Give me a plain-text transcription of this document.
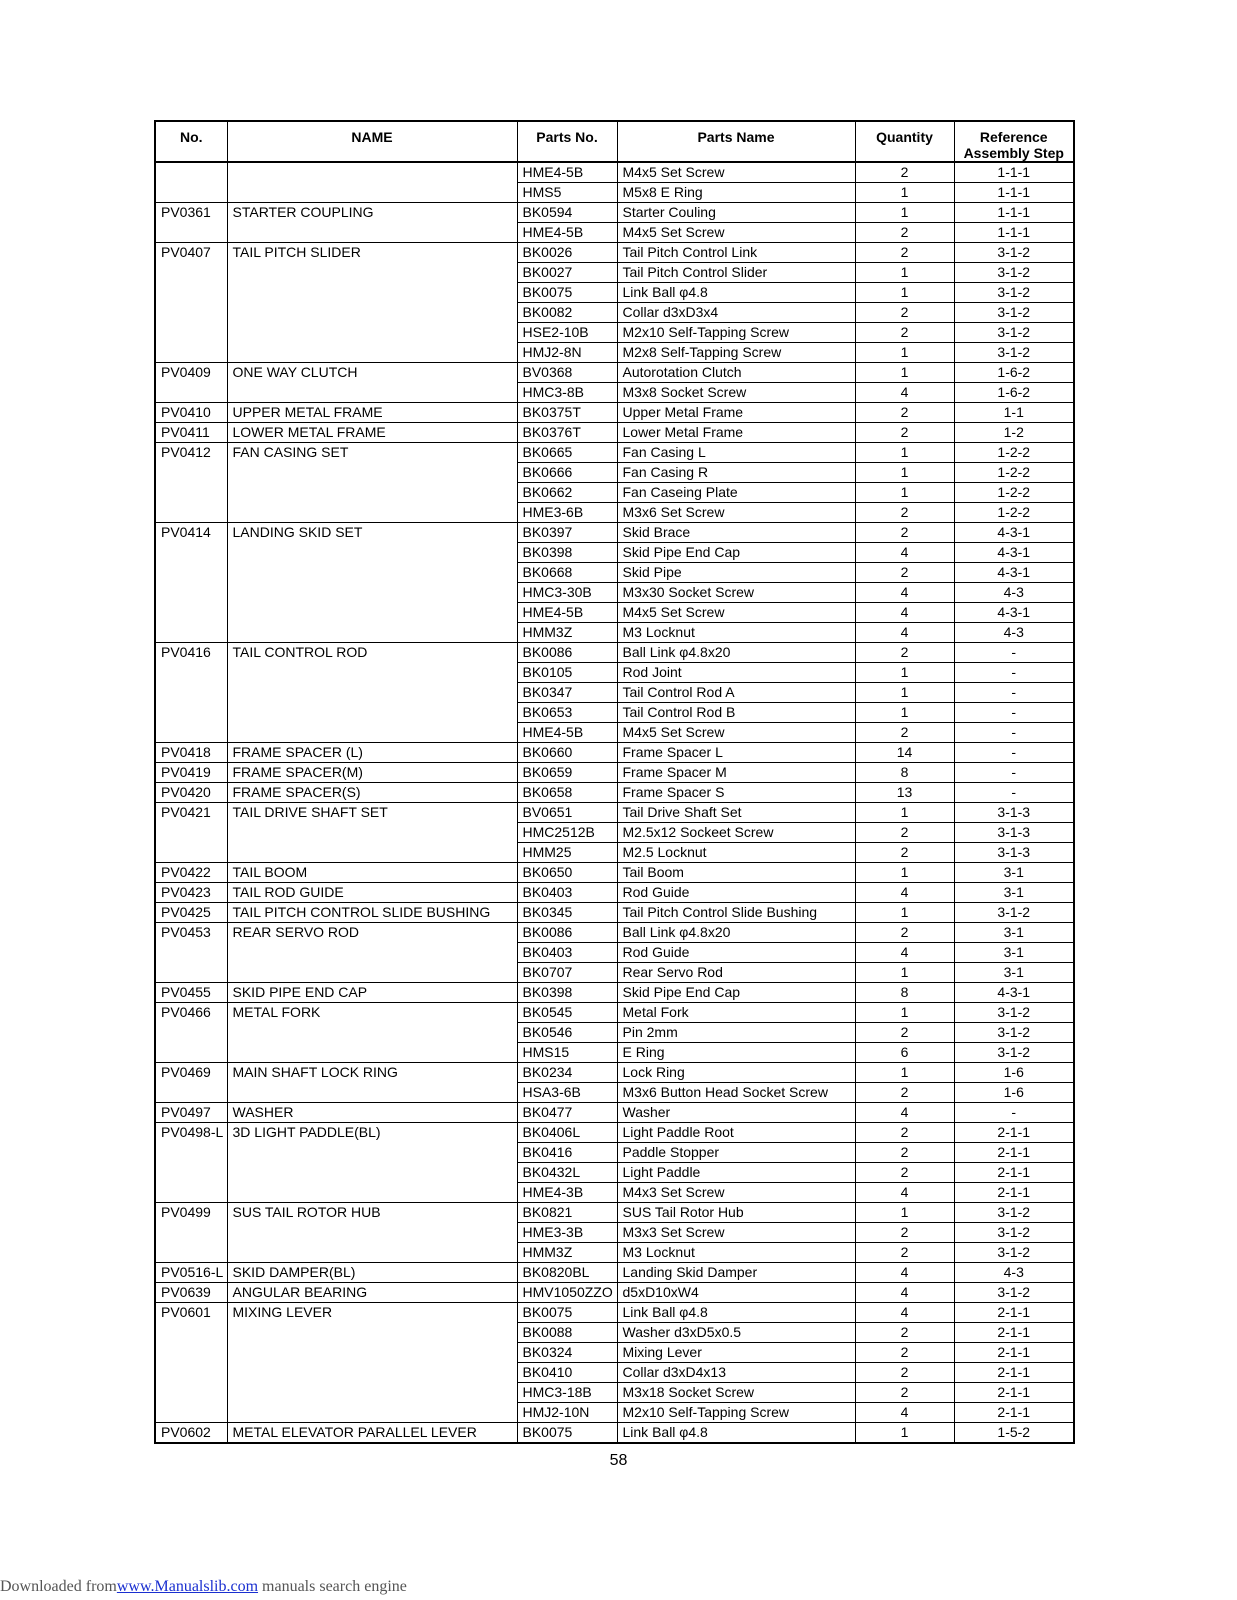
No.	NAME	Parts No.	Parts Name	Quantity	Reference Assembly Step
		HME4-5B	M4x5 Set Screw	2	1-1-1
		HMS5	M5x8 E Ring	1	1-1-1
PV0361	STARTER COUPLING	BK0594	Starter Couling	1	1-1-1
		HME4-5B	M4x5 Set Screw	2	1-1-1
PV0407	TAIL PITCH SLIDER	BK0026	Tail Pitch Control Link	2	3-1-2
		BK0027	Tail Pitch Control Slider	1	3-1-2
		BK0075	Link Ball φ4.8	1	3-1-2
		BK0082	Collar d3xD3x4	2	3-1-2
		HSE2-10B	M2x10 Self-Tapping Screw	2	3-1-2
		HMJ2-8N	M2x8 Self-Tapping Screw	1	3-1-2
PV0409	ONE WAY CLUTCH	BV0368	Autorotation Clutch	1	1-6-2
		HMC3-8B	M3x8 Socket Screw	4	1-6-2
PV0410	UPPER METAL FRAME	BK0375T	Upper Metal Frame	2	1-1
PV0411	LOWER METAL FRAME	BK0376T	Lower Metal Frame	2	1-2
PV0412	FAN CASING SET	BK0665	Fan Casing L	1	1-2-2
		BK0666	Fan Casing R	1	1-2-2
		BK0662	Fan Caseing Plate	1	1-2-2
		HME3-6B	M3x6 Set Screw	2	1-2-2
PV0414	LANDING SKID SET	BK0397	Skid Brace	2	4-3-1
		BK0398	Skid Pipe End Cap	4	4-3-1
		BK0668	Skid Pipe	2	4-3-1
		HMC3-30B	M3x30 Socket Screw	4	4-3
		HME4-5B	M4x5 Set Screw	4	4-3-1
		HMM3Z	M3 Locknut	4	4-3
PV0416	TAIL CONTROL ROD	BK0086	Ball Link φ4.8x20	2	-
		BK0105	Rod Joint	1	-
		BK0347	Tail Control Rod A	1	-
		BK0653	Tail Control Rod B	1	-
		HME4-5B	M4x5 Set Screw	2	-
PV0418	FRAME SPACER (L)	BK0660	Frame Spacer L	14	-
PV0419	FRAME SPACER(M)	BK0659	Frame Spacer M	8	-
PV0420	FRAME SPACER(S)	BK0658	Frame Spacer S	13	-
PV0421	TAIL DRIVE SHAFT SET	BV0651	Tail Drive Shaft Set	1	3-1-3
		HMC2512B	M2.5x12 Sockeet Screw	2	3-1-3
		HMM25	M2.5 Locknut	2	3-1-3
PV0422	TAIL BOOM	BK0650	Tail Boom	1	3-1
PV0423	TAIL ROD GUIDE	BK0403	Rod Guide	4	3-1
PV0425	TAIL PITCH CONTROL SLIDE BUSHING	BK0345	Tail Pitch Control Slide Bushing	1	3-1-2
PV0453	REAR SERVO ROD	BK0086	Ball Link φ4.8x20	2	3-1
		BK0403	Rod Guide	4	3-1
		BK0707	Rear Servo Rod	1	3-1
PV0455	SKID PIPE END CAP	BK0398	Skid Pipe End Cap	8	4-3-1
PV0466	METAL FORK	BK0545	Metal Fork	1	3-1-2
		BK0546	Pin 2mm	2	3-1-2
		HMS15	E Ring	6	3-1-2
PV0469	MAIN SHAFT LOCK RING	BK0234	Lock Ring	1	1-6
		HSA3-6B	M3x6 Button Head Socket Screw	2	1-6
PV0497	WASHER	BK0477	Washer	4	-
PV0498-L	3D LIGHT PADDLE(BL)	BK0406L	Light Paddle Root	2	2-1-1
		BK0416	Paddle Stopper	2	2-1-1
		BK0432L	Light Paddle	2	2-1-1
		HME4-3B	M4x3 Set Screw	4	2-1-1
PV0499	SUS TAIL ROTOR HUB	BK0821	SUS Tail Rotor Hub	1	3-1-2
		HME3-3B	M3x3 Set Screw	2	3-1-2
		HMM3Z	M3 Locknut	2	3-1-2
PV0516-L	SKID DAMPER(BL)	BK0820BL	Landing Skid Damper	4	4-3
PV0639	ANGULAR BEARING	HMV1050ZZO	d5xD10xW4	4	3-1-2
PV0601	MIXING LEVER	BK0075	Link Ball φ4.8	4	2-1-1
		BK0088	Washer d3xD5x0.5	2	2-1-1
		BK0324	Mixing Lever	2	2-1-1
		BK0410	Collar d3xD4x13	2	2-1-1
		HMC3-18B	M3x18 Socket Screw	2	2-1-1
		HMJ2-10N	M2x10 Self-Tapping Screw	4	2-1-1
PV0602	METAL ELEVATOR PARALLEL LEVER	BK0075	Link Ball φ4.8	1	1-5-2
58
Downloaded fromwww.Manualslib.com manuals search engine
